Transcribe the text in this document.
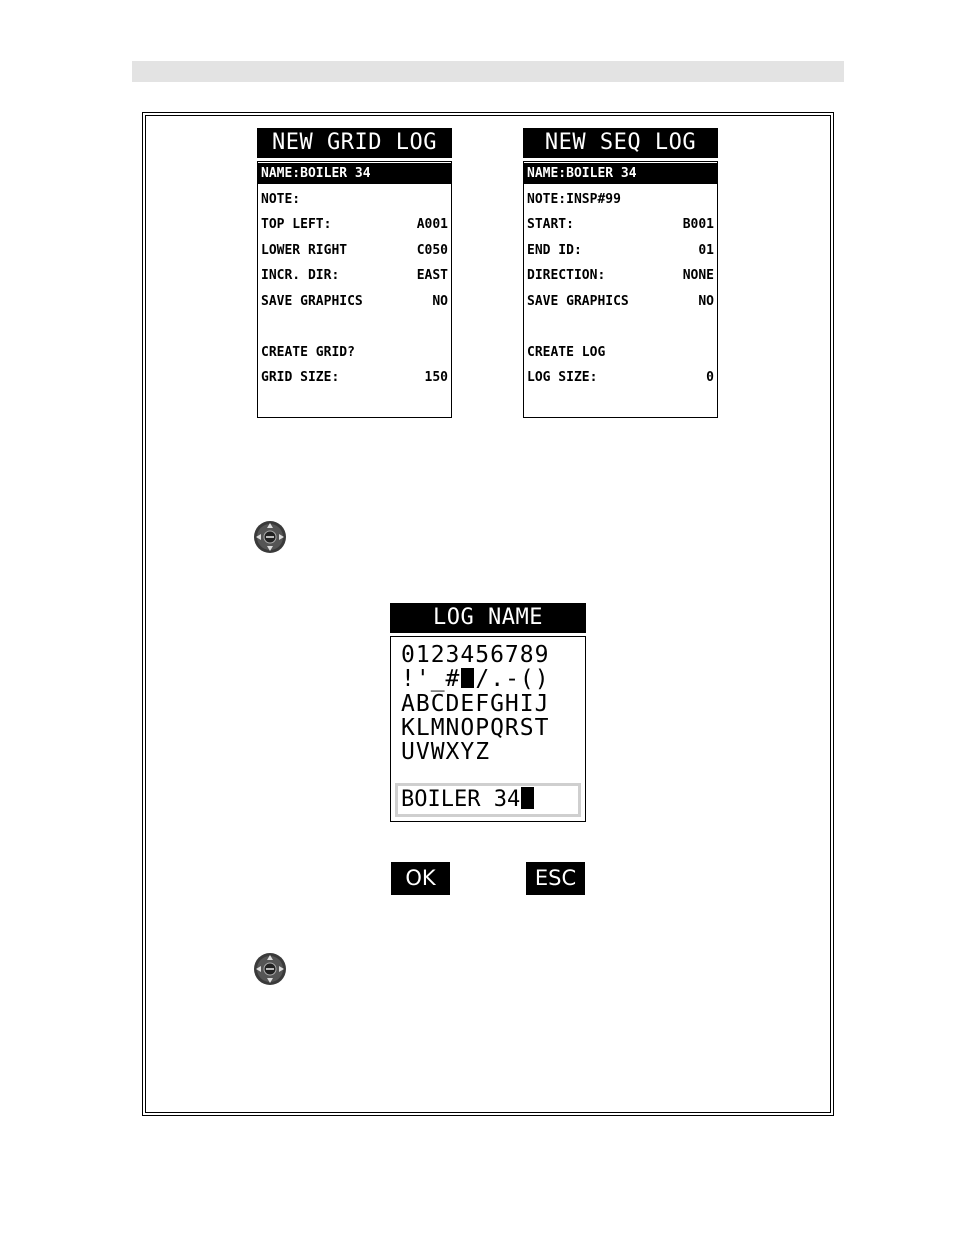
NEW GRID LOG
NAME:BOILER 34
NOTE:
TOP LEFT:	A001
LOWER RIGHT	C050
INCR. DIR:	EAST
SAVE GRAPHICS	NO
CREATE GRID?
GRID SIZE:	150
NEW SEQ LOG
NAME:BOILER 34
NOTE:INSP#99
START:	B001
END ID:	01
DIRECTION:	NONE
SAVE GRAPHICS	NO
CREATE LOG
LOG SIZE:	0
LOG NAME
0123456789
!'_# /.-()
ABCDEFGHIJ
KLMNOPQRST
UVWXYZ
BOILER 34
OK	ESC
